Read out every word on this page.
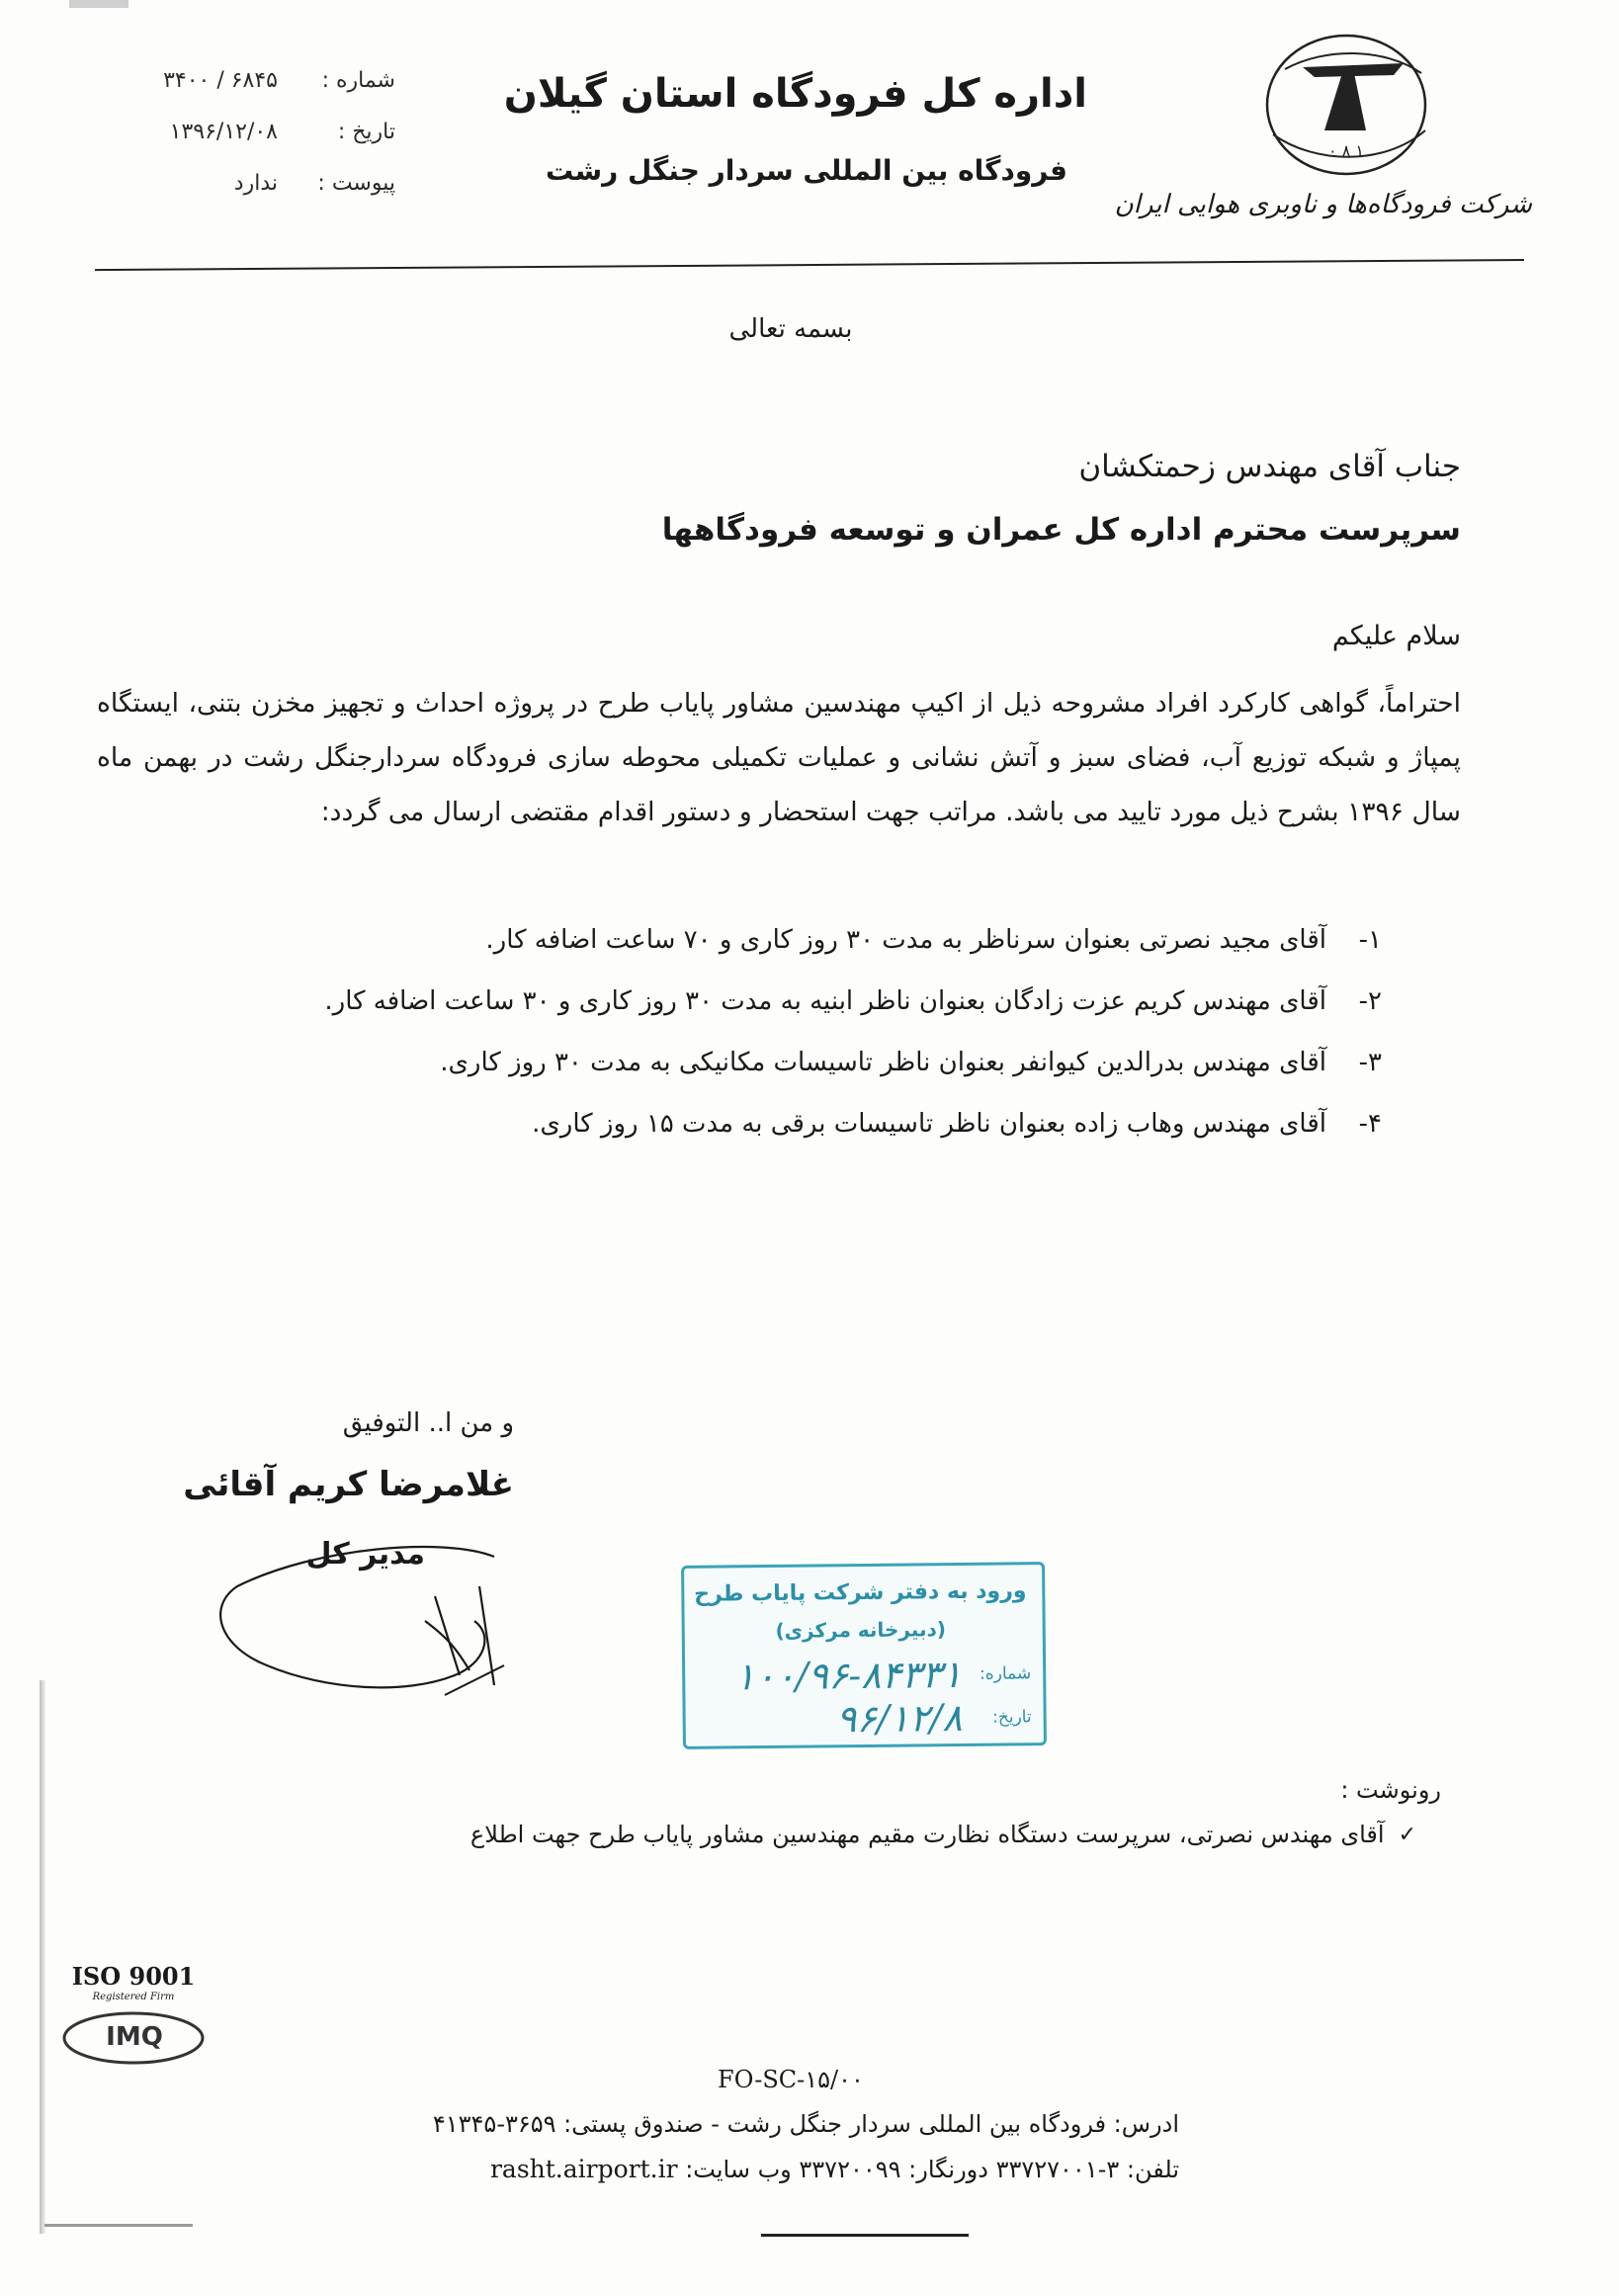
۱ ۸ ۰
شرکت فرودگاه‌ها و ناوبری هوایی ایران
اداره کل فرودگاه استان گیلان
فرودگاه بین المللی سردار جنگل رشت
شماره :
۶۸۴۵ / ۳۴۰۰
تاریخ :
۱۳۹۶/۱۲/۰۸
پیوست :
ندارد
بسمه تعالی
جناب آقای مهندس زحمتکشان
سرپرست محترم اداره کل عمران و توسعه فرودگاهها
سلام علیکم
احتراماً، گواهی کارکرد افراد مشروحه ذیل از اکیپ مهندسین مشاور پایاب طرح در پروژه احداث و تجهیز مخزن بتنی، ایستگاه پمپاژ و شبکه توزیع آب، فضای سبز و آتش نشانی و عملیات تکمیلی محوطه سازی فرودگاه سردارجنگل رشت در بهمن ماه سال ۱۳۹۶ بشرح ذیل مورد تایید می باشد. مراتب جهت استحضار و دستور اقدام مقتضی ارسال می گردد:
۱-
آقای مجید نصرتی بعنوان سرناظر به مدت ۳۰ روز کاری و ۷۰ ساعت اضافه کار.
۲-
آقای مهندس کریم عزت زادگان بعنوان ناظر ابنیه به مدت ۳۰ روز کاری و ۳۰ ساعت اضافه کار.
۳-
آقای مهندس بدرالدین کیوانفر بعنوان ناظر تاسیسات مکانیکی به مدت ۳۰ روز کاری.
۴-
آقای مهندس وهاب زاده بعنوان ناظر تاسیسات برقی به مدت ۱۵ روز کاری.
و من ا.. التوفیق
غلامرضا کریم آقائی
مدیر کل
ورود به دفتر شرکت پایاب طرح
(دبیرخانه مرکزی)
شماره:
۱۰۰/۹۶-۸۴۳۳۱
تاریخ:
۹۶/۱۲/۸
رونوشت :
✓
آقای مهندس نصرتی، سرپرست دستگاه نظارت مقیم مهندسین مشاور پایاب طرح جهت اطلاع
ISO 9001
Registered Firm
IMQ
FO-SC-۱۵/۰۰
ادرس: فرودگاه بین المللی سردار جنگل رشت - صندوق پستی: ۳۶۵۹-۴۱۳۴۵
تلفن: ۳-۳۳۷۲۷۰۰۱ دورنگار: ۳۳۷۲۰۰۹۹ وب سایت: rasht.airport.ir
